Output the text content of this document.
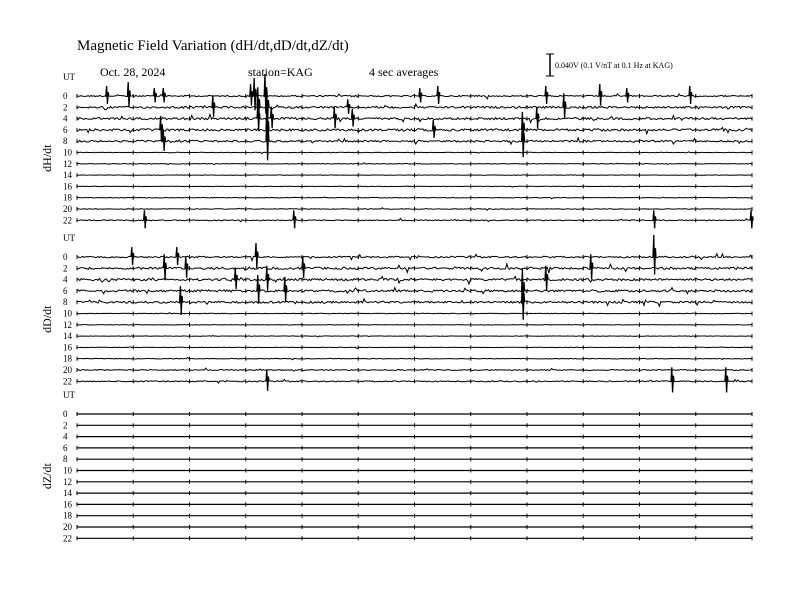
Magnetic Field Variation (dH/dt,dD/dt,dZ/dt)
Oct. 28, 2024	station=KAG	4 sec averages	0.040V (0.1 V/nT at 0.1 Hz at KAG)
UT
dH/dt
0
2
4
6
8
10
12
14
16
18
20
22
UT
dD/dt
0
2
4
6
8
10
12
14
16
18
20
22
UT
dZ/dt
0
2
4
6
8
10
12
14
16
18
20
22
